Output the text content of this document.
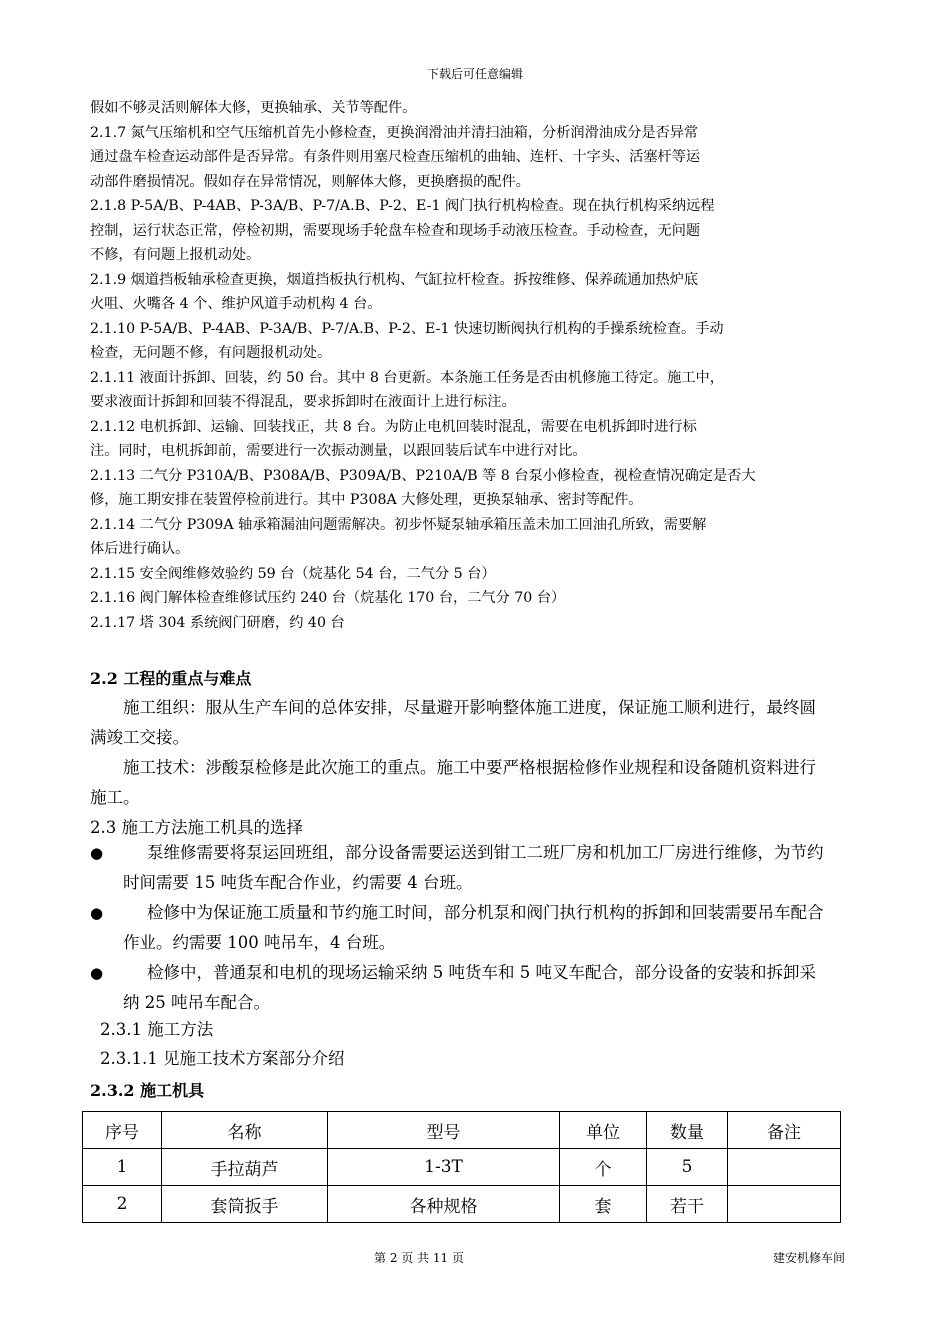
下载后可任意编辑

假如不够灵活则解体大修，更换轴承、关节等配件。

2.1.7 氮气压缩机和空气压缩机首先小修检查，更换润滑油并清扫油箱，分析润滑油成分是否异常

通过盘车检查运动部件是否异常。有条件则用塞尺检查压缩机的曲轴、连杆、十字头、活塞杆等运

动部件磨损情况。假如存在异常情况，则解体大修，更换磨损的配件。

2.1.8 P-5A/B、P-4AB、P-3A/B、P-7/A.B、P-2、E-1 阀门执行机构检查。现在执行机构采纳远程

控制，运行状态正常，停检初期，需要现场手轮盘车检查和现场手动液压检查。手动检查，无问题

不修，有问题上报机动处。

2.1.9 烟道挡板轴承检查更换，烟道挡板执行机构、气缸拉杆检查。拆按维修、保养疏通加热炉底

火咀、火嘴各 4 个、维护风道手动机构 4 台。

2.1.10 P-5A/B、P-4AB、P-3A/B、P-7/A.B、P-2、E-1 快速切断阀执行机构的手操系统检查。手动

检查，无问题不修，有问题报机动处。

2.1.11 液面计拆卸、回装，约 50 台。其中 8 台更新。本条施工任务是否由机修施工待定。施工中，

要求液面计拆卸和回装不得混乱，要求拆卸时在液面计上进行标注。

2.1.12 电机拆卸、运输、回装找正，共 8 台。为防止电机回装时混乱，需要在电机拆卸时进行标

注。同时，电机拆卸前，需要进行一次振动测量，以跟回装后试车中进行对比。

2.1.13 二气分 P310A/B、P308A/B、P309A/B、P210A/B 等 8 台泵小修检查，视检查情况确定是否大

修，施工期安排在装置停检前进行。其中 P308A 大修处理，更换泵轴承、密封等配件。

2.1.14 二气分 P309A 轴承箱漏油问题需解决。初步怀疑泵轴承箱压盖未加工回油孔所致，需要解

体后进行确认。

2.1.15 安全阀维修效验约 59 台（烷基化 54 台，二气分 5 台）

2.1.16 阀门解体检查维修试压约 240 台（烷基化 170 台，二气分 70 台）

2.1.17 塔 304 系统阀门研磨，约 40 台

2.2 工程的重点与难点

施工组织：服从生产车间的总体安排，尽量避开影响整体施工进度，保证施工顺利进行，最终圆满竣工交接。

施工技术：涉酸泵检修是此次施工的重点。施工中要严格根据检修作业规程和设备随机资料进行施工。

2.3 施工方法施工机具的选择
●	泵维修需要将泵运回班组，部分设备需要运送到钳工二班厂房和机加工厂房进行维修，为节约时间需要 15 吨货车配合作业，约需要 4 台班。
●	检修中为保证施工质量和节约施工时间，部分机泵和阀门执行机构的拆卸和回装需要吊车配合作业。约需要 100 吨吊车，4 台班。
●	检修中，普通泵和电机的现场运输采纳 5 吨货车和 5 吨叉车配合，部分设备的安装和拆卸采纳 25 吨吊车配合。
2.3.1 施工方法
2.3.1.1 见施工技术方案部分介绍
2.3.2 施工机具
序号	名称	型号	单位	数量	备注
1	手拉葫芦	1-3T	个	5	
2	套筒扳手	各种规格	套	若干	
第 2 页 共 11 页	建安机修车间
